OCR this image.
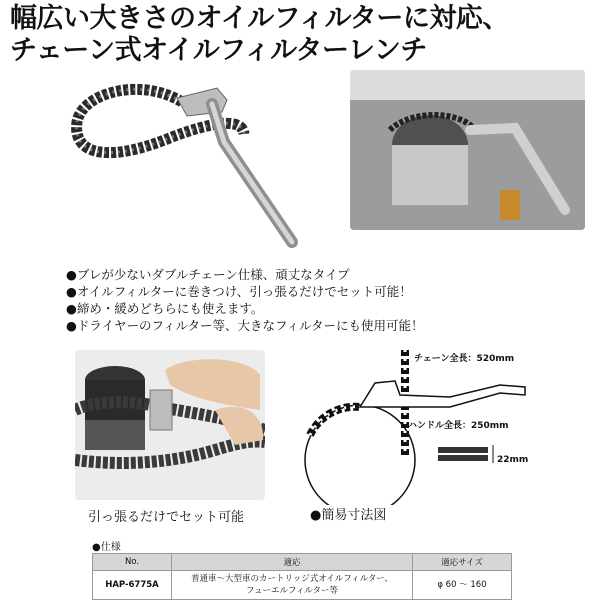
幅広い大きさのオイルフィルターに対応、
チェーン式オイルフィルターレンチ
●ブレが少ないダブルチェーン仕様、頑丈なタイプ
●オイルフィルターに巻きつけ、引っ張るだけでセット可能！
●締め・緩めどちらにも使えます。
●ドライヤーのフィルター等、大きなフィルターにも使用可能！
引っ張るだけでセット可能
チェーン全長：520mm
ハンドル全長：250mm
22mm
●簡易寸法図
●仕様
No.	適応	適応サイズ
HAP-6775A	普通車～大型車のカートリッジ式オイルフィルター、
フューエルフィルター等	φ 60 ～ 160
